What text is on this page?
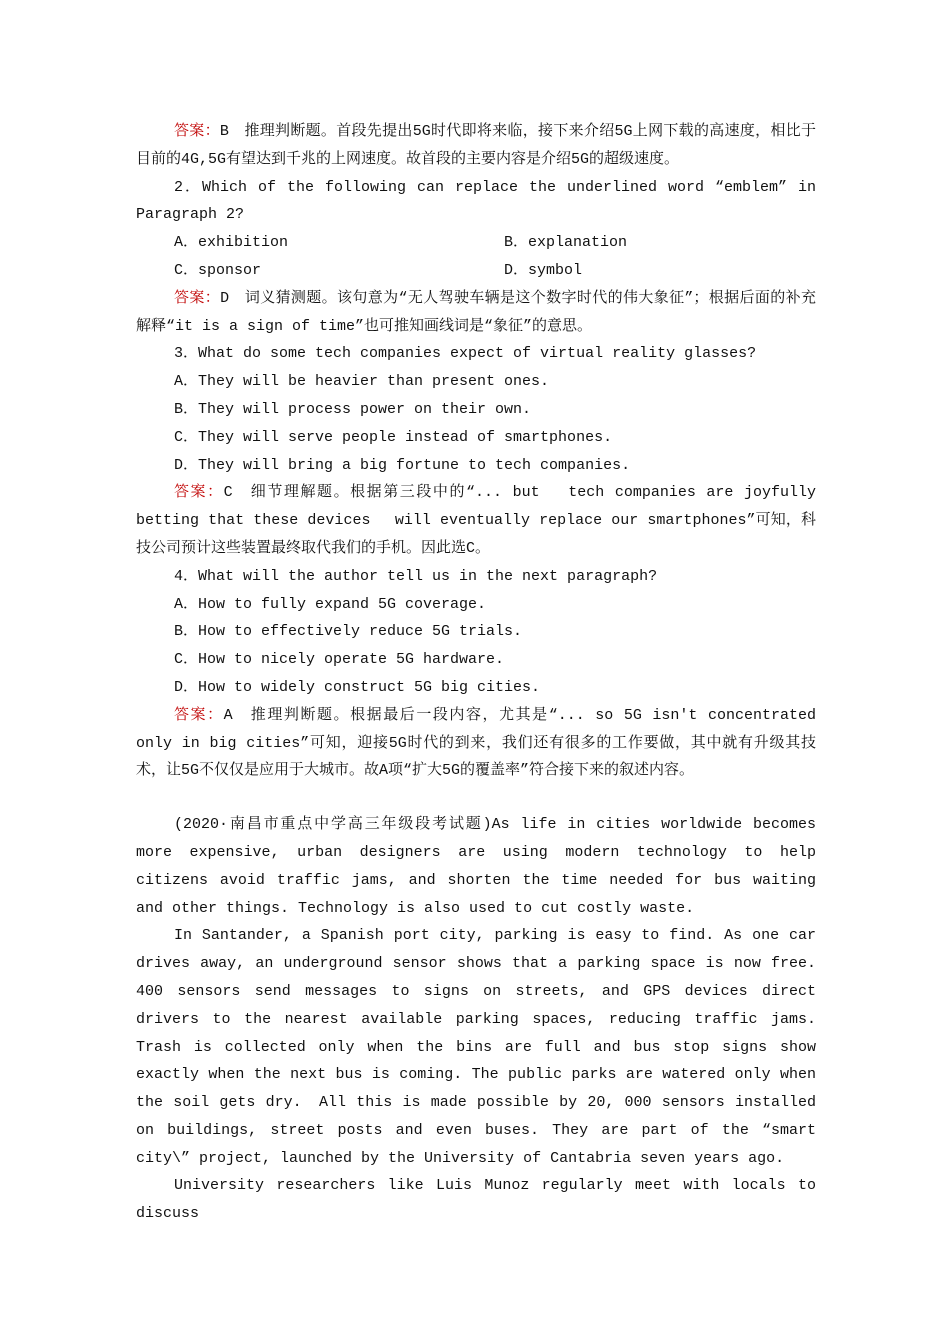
答案：B　推理判断题。首段先提出5G时代即将来临，接下来介绍5G上网下载的高速度，相比于目前的4G,5G有望达到千兆的上网速度。故首段的主要内容是介绍5G的超级速度。

2．Which of the following can replace the underlined word “emblem” in Paragraph 2?

A．exhibition	B．explanation
C．sponsor	D．symbol

答案：D　词义猜测题。该句意为“无人驾驶车辆是这个数字时代的伟大象征”；根据后面的补充解释“it is a sign of time”也可推知画线词是“象征”的意思。

3．What do some tech companies expect of virtual reality glasses?

A．They will be heavier than present ones.

B．They will process power on their own.

C．They will serve people instead of smartphones.

D．They will bring a big fortune to tech companies.

答案：C　细节理解题。根据第三段中的“... but　 tech companies are joyfully betting that these devices　 will eventually replace our smartphones”可知，科技公司预计这些装置最终取代我们的手机。因此选C。

4．What will the author tell us in the next paragraph?

A．How to fully expand 5G coverage.

B．How to effectively reduce 5G trials.

C．How to nicely operate 5G hardware.

D．How to widely construct 5G big cities.

答案：A　推理判断题。根据最后一段内容，尤其是“... so 5G isn't concentrated only in big cities”可知，迎接5G时代的到来，我们还有很多的工作要做，其中就有升级其技术，让5G不仅仅是应用于大城市。故A项“扩大5G的覆盖率”符合接下来的叙述内容。

(2020·南昌市重点中学高三年级段考试题)As life in cities worldwide becomes more expensive, urban designers are using modern technology to help citizens avoid traffic jams, and shorten the time needed for bus waiting and other things. Technology is also used to cut costly waste.

In Santander, a Spanish port city, parking is easy to find. As one car drives away, an underground sensor shows that a parking space is now free. 400 sensors send messages to signs on streets, and GPS devices direct drivers to the nearest available parking spaces, reducing traffic jams. Trash is collected only when the bins are full and bus stop signs show exactly when the next bus is coming. The public parks are watered only when the soil gets dry.　All this is made possible by 20, 000 sensors installed on buildings, street posts and even buses. They are part of the “smart city\” project, launched by the University of Cantabria seven years ago.

University researchers like Luis Munoz regularly meet with locals to discuss
